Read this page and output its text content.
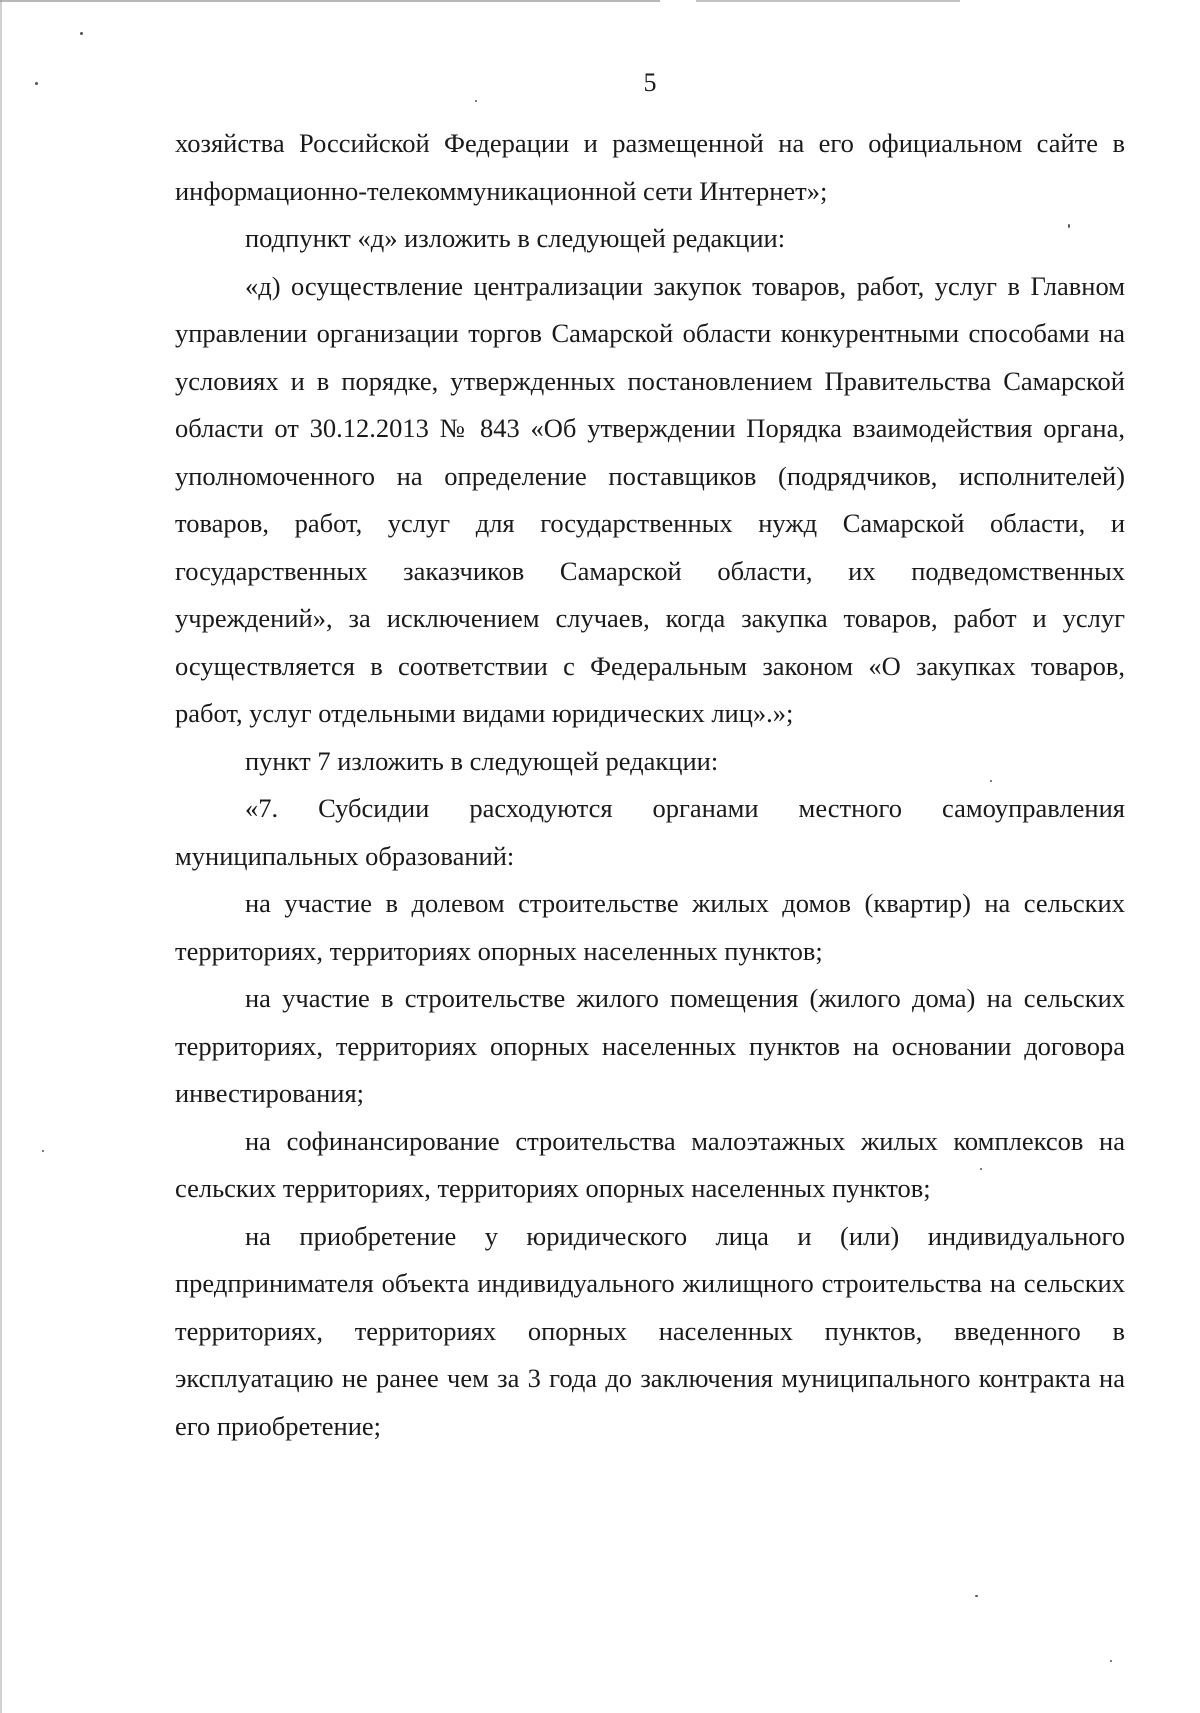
5

хозяйства Российской Федерации и размещенной на его официальном сайте в информационно-телекоммуникационной сети Интернет»;

подпункт «д» изложить в следующей редакции:

«д) осуществление централизации закупок товаров, работ, услуг в Главном управлении организации торгов Самарской области конкурентными способами на условиях и в порядке, утвержденных постановлением Правительства Самарской области от 30.12.2013 № 843 «Об утверждении Порядка взаимодействия органа, уполномоченного на определение поставщиков (подрядчиков, исполнителей) товаров, работ, услуг для государственных нужд Самарской области, и государственных заказчиков Самарской области, их подведомственных учреждений», за исключением случаев, когда закупка товаров, работ и услуг осуществляется в соответствии с Федеральным законом «О закупках товаров, работ, услуг отдельными видами юридических лиц».»;

пункт 7 изложить в следующей редакции:

«7. Субсидии расходуются органами местного самоуправления муниципальных образований:

на участие в долевом строительстве жилых домов (квартир) на сельских территориях, территориях опорных населенных пунктов;

на участие в строительстве жилого помещения (жилого дома) на сельских территориях, территориях опорных населенных пунктов на основании договора инвестирования;

на софинансирование строительства малоэтажных жилых комплексов на сельских территориях, территориях опорных населенных пунктов;

на приобретение у юридического лица и (или) индивидуального предпринимателя объекта индивидуального жилищного строительства на сельских территориях, территориях опорных населенных пунктов, введенного в эксплуатацию не ранее чем за 3 года до заключения муниципального контракта на его приобретение;
